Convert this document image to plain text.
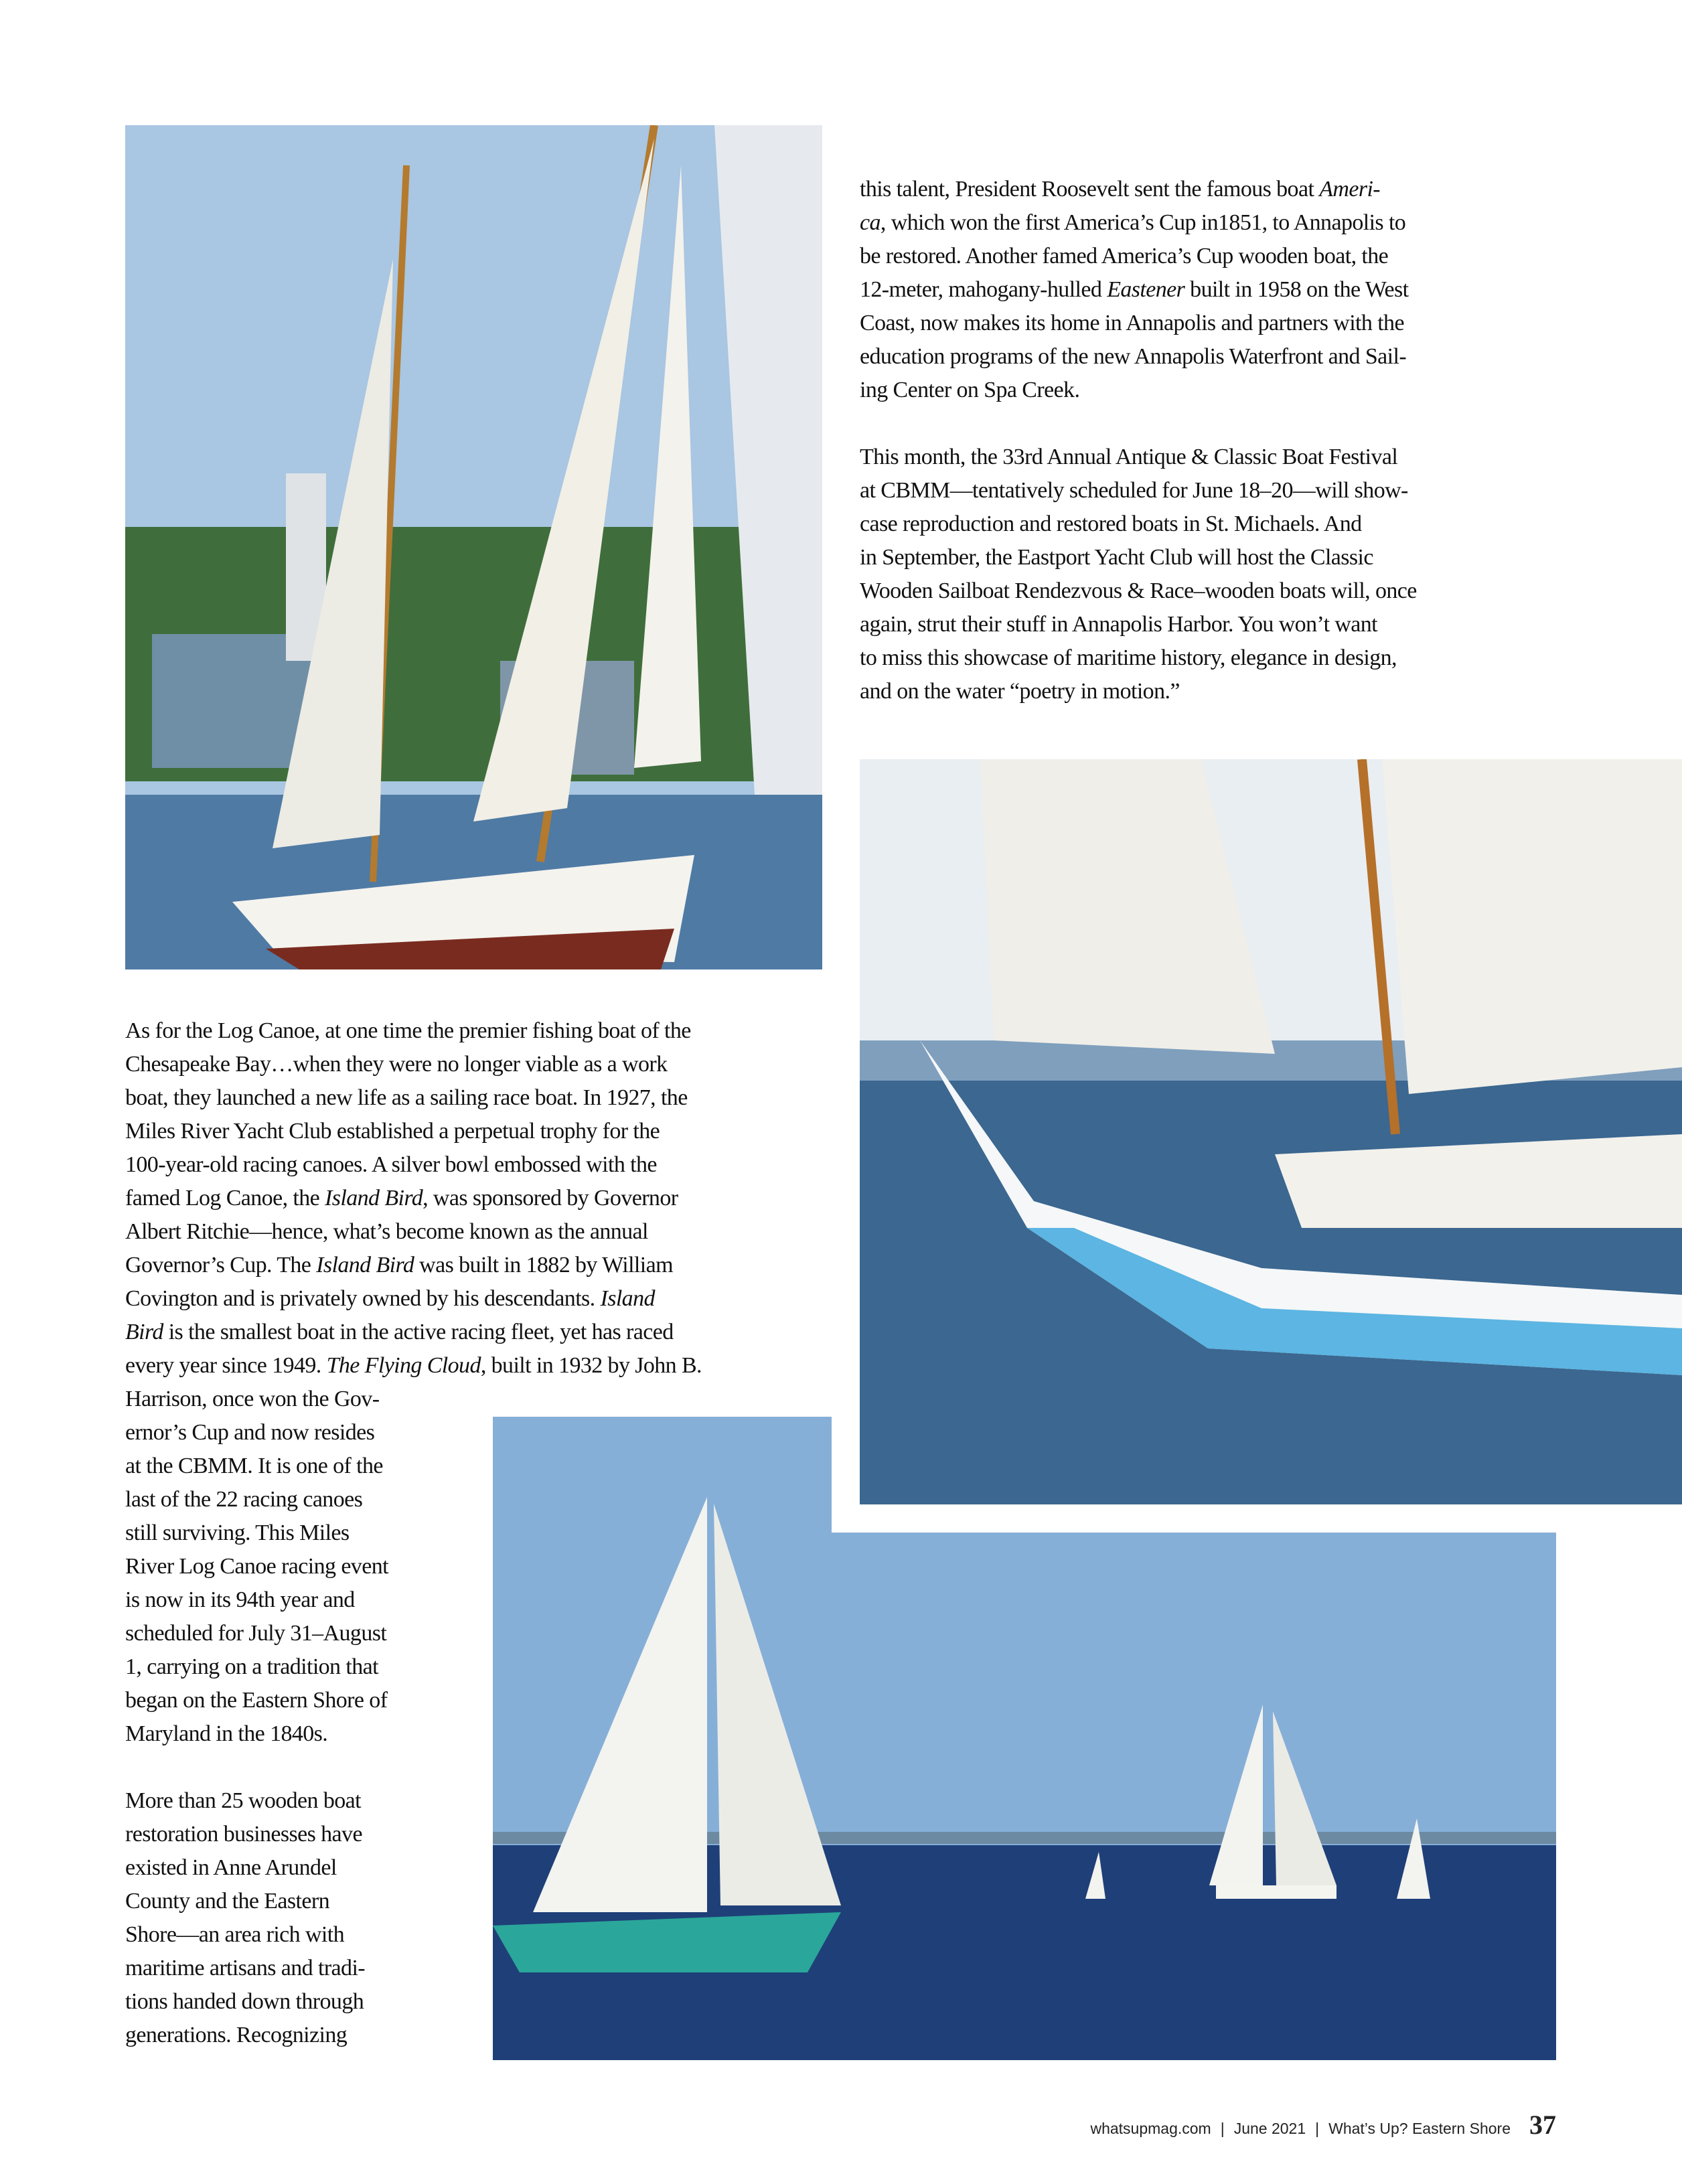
this talent, President Roosevelt sent the famous boat Ameri-
ca, which won the first America’s Cup in1851, to Annapolis to
be restored. Another famed America’s Cup wooden boat, the
12-meter, mahogany-hulled Eastener built in 1958 on the West
Coast, now makes its home in Annapolis and partners with the
education programs of the new Annapolis Waterfront and Sail-
ing Center on Spa Creek.
This month, the 33rd Annual Antique & Classic Boat Festival
at CBMM—tentatively scheduled for June 18–20—will show-
case reproduction and restored boats in St. Michaels. And
in September, the Eastport Yacht Club will host the Classic
Wooden Sailboat Rendezvous & Race–wooden boats will, once
again, strut their stuff in Annapolis Harbor. You won’t want
to miss this showcase of maritime history, elegance in design,
and on the water “poetry in motion.”
As for the Log Canoe, at one time the premier fishing boat of the
Chesapeake Bay…when they were no longer viable as a work
boat, they launched a new life as a sailing race boat. In 1927, the
Miles River Yacht Club established a perpetual trophy for the
100-year-old racing canoes. A silver bowl embossed with the
famed Log Canoe, the Island Bird, was sponsored by Governor
Albert Ritchie—hence, what’s become known as the annual
Governor’s Cup. The Island Bird was built in 1882 by William
Covington and is privately owned by his descendants. Island
Bird is the smallest boat in the active racing fleet, yet has raced
every year since 1949. The Flying Cloud, built in 1932 by John B.
Harrison, once won the Gov-
ernor’s Cup and now resides
at the CBMM. It is one of the
last of the 22 racing canoes
still surviving. This Miles
River Log Canoe racing event
is now in its 94th year and
scheduled for July 31–August
1, carrying on a tradition that
began on the Eastern Shore of
Maryland in the 1840s.
More than 25 wooden boat
restoration businesses have
existed in Anne Arundel
County and the Eastern
Shore—an area rich with
maritime artisans and tradi-
tions handed down through
generations. Recognizing
whatsupmag.com | June 2021 | What’s Up? Eastern Shore 37
